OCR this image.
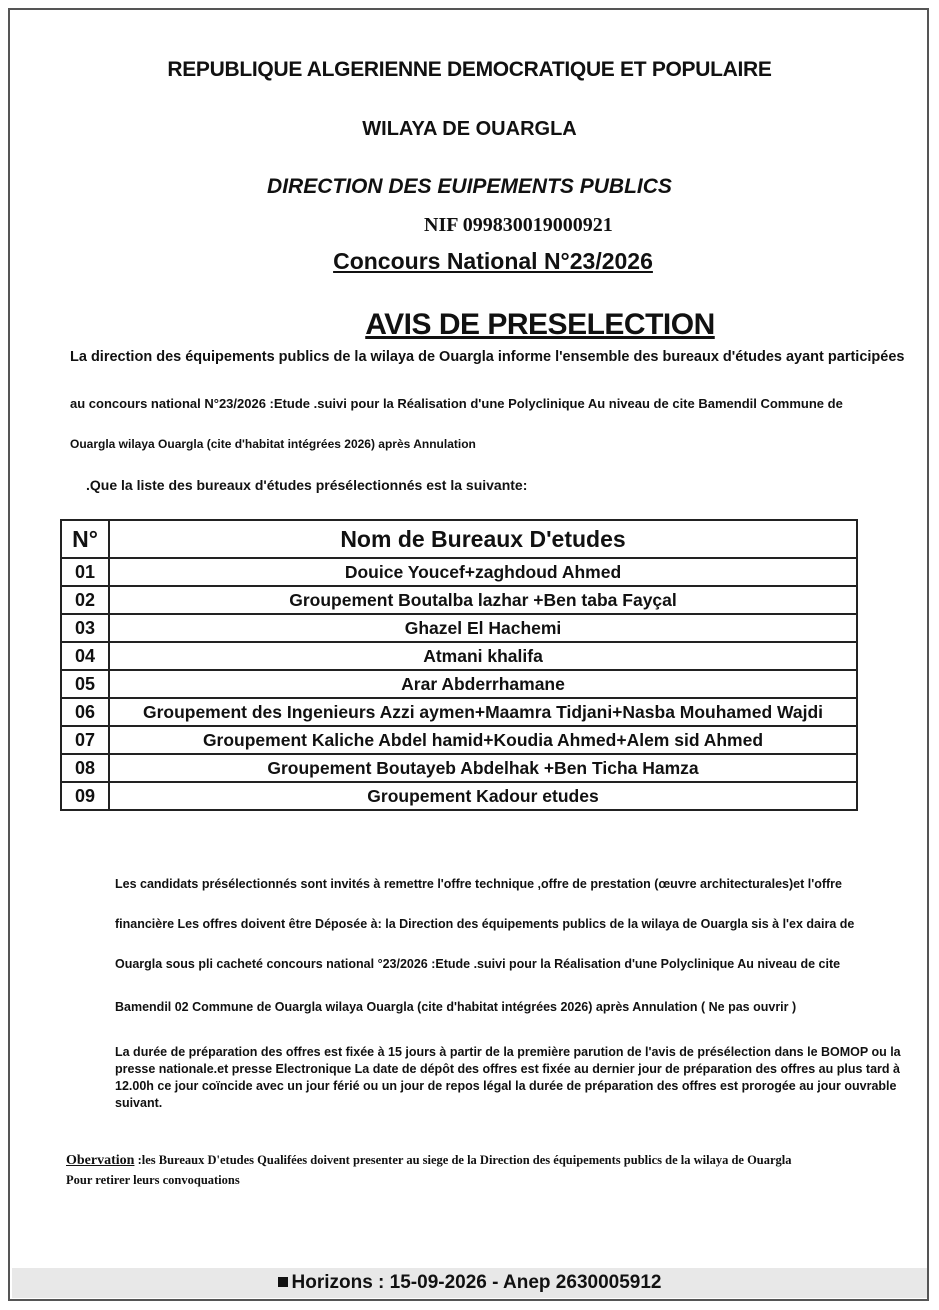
REPUBLIQUE ALGERIENNE DEMOCRATIQUE ET POPULAIRE
WILAYA DE OUARGLA
DIRECTION DES EUIPEMENTS PUBLICS
NIF 099830019000921
Concours National N°23/2026
AVIS DE PRESELECTION
La direction des équipements publics de la wilaya de Ouargla informe l'ensemble des bureaux d'études ayant participées
au concours national N°23/2026 :Etude .suivi pour la Réalisation d'une Polyclinique Au niveau de cite Bamendil Commune de
Ouargla wilaya Ouargla (cite d'habitat intégrées 2026) après Annulation
.Que la liste des bureaux d'études présélectionnés est la suivante:
N°	Nom de Bureaux D'etudes
01	Douice Youcef+zaghdoud Ahmed
02	Groupement Boutalba lazhar +Ben taba Fayçal
03	Ghazel El Hachemi
04	Atmani khalifa
05	Arar Abderrhamane
06	Groupement des Ingenieurs Azzi aymen+Maamra Tidjani+Nasba Mouhamed Wajdi
07	Groupement Kaliche Abdel hamid+Koudia Ahmed+Alem sid Ahmed
08	Groupement Boutayeb Abdelhak +Ben Ticha Hamza
09	Groupement Kadour etudes
Les candidats présélectionnés sont invités à remettre l'offre technique ,offre de prestation (œuvre architecturales)et l'offre
financière Les offres doivent être Déposée à: la Direction des équipements publics de la wilaya de Ouargla sis à l'ex daira de
Ouargla sous pli cacheté concours national °23/2026 :Etude .suivi pour la Réalisation d'une Polyclinique Au niveau de cite
Bamendil 02 Commune de Ouargla wilaya Ouargla (cite d'habitat intégrées 2026) après Annulation ( Ne pas ouvrir )
La durée de préparation des offres est fixée à 15 jours à partir de la première parution de l'avis de présélection dans le BOMOP ou la presse nationale.et presse Electronique La date de dépôt des offres est fixée au dernier jour de préparation des offres au plus tard à 12.00h ce jour coïncide avec un jour férié ou un jour de repos légal la durée de préparation des offres est prorogée au jour ouvrable suivant.
Obervation :les Bureaux D'etudes Qualifées doivent presenter au siege de la Direction des équipements publics de la wilaya de Ouargla
Pour retirer leurs convoquations
Horizons : 15-09-2026 - Anep 2630005912
